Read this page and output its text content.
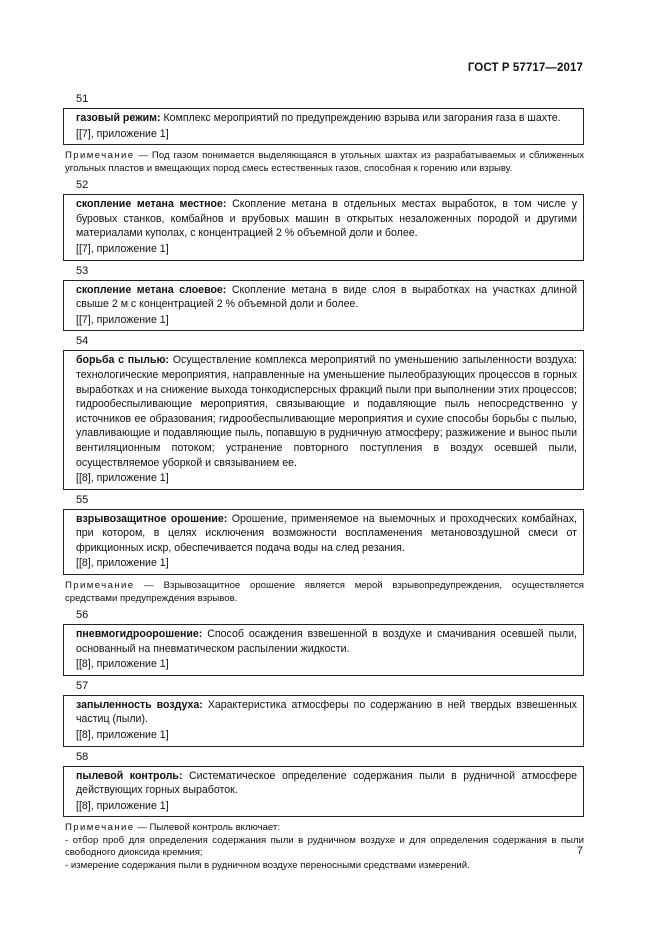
ГОСТ Р 57717—2017
51
газовый режим: Комплекс мероприятий по предупреждению взрыва или загорания газа в шахте.
[[7], приложение 1]
Примечание — Под газом понимается выделяющаяся в угольных шахтах из разрабатываемых и сближенных угольных пластов и вмещающих пород смесь естественных газов, способная к горению или взрыву.
52
скопление метана местное: Скопление метана в отдельных местах выработок, в том числе у буровых станков, комбайнов и врубовых машин в открытых незаложенных породой и другими материалами куполах, с концентрацией 2 % объемной доли и более.
[[7], приложение 1]
53
скопление метана слоевое: Скопление метана в виде слоя в выработках на участках длиной свыше 2 м с концентрацией 2 % объемной доли и более.
[[7], приложение 1]
54
борьба с пылью: Осуществление комплекса мероприятий по уменьшению запыленности воздуха: технологические мероприятия, направленные на уменьшение пылеобразующих процессов в горных выработках и на снижение выхода тонкодисперсных фракций пыли при выполнении этих процессов; гидрообеспыливающие мероприятия, связывающие и подавляющие пыль непосредственно у источников ее образования; гидрообеспыливающие мероприятия и сухие способы борьбы с пылью, улавливающие и подавляющие пыль, попавшую в рудничную атмосферу; разжижение и вынос пыли вентиляционным потоком; устранение повторного поступления в воздух осевшей пыли, осуществляемое уборкой и связыванием ее.
[[8], приложение 1]
55
взрывозащитное орошение: Орошение, применяемое на выемочных и проходческих комбайнах, при котором, в целях исключения возможности воспламенения метановоздушной смеси от фрикционных искр, обеспечивается подача воды на след резания.
[[8], приложение 1]
Примечание — Взрывозащитное орошение является мерой взрывопредупреждения, осуществляется средствами предупреждения взрывов.
56
пневмогидроорошение: Способ осаждения взвешенной в воздухе и смачивания осевшей пыли, основанный на пневматическом распылении жидкости.
[[8], приложение 1]
57
запыленность воздуха: Характеристика атмосферы по содержанию в ней твердых взвешенных частиц (пыли).
[[8], приложение 1]
58
пылевой контроль: Систематическое определение содержания пыли в рудничной атмосфере действующих горных выработок.
[[8], приложение 1]
Примечание — Пылевой контроль включает:
- отбор проб для определения содержания пыли в рудничном воздухе и для определения содержания в пыли свободного диоксида кремния;
- измерение содержания пыли в рудничном воздухе переносными средствами измерений.
7
